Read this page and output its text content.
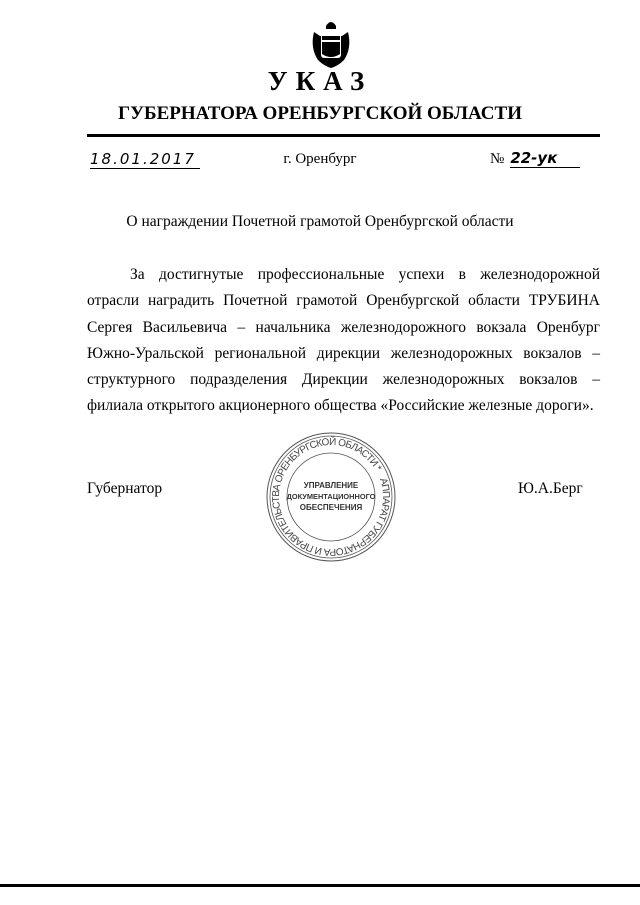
УКАЗ
ГУБЕРНАТОРА ОРЕНБУРГСКОЙ ОБЛАСТИ
18.01.2017	г. Оренбург	№ 22-ук
О награждении Почетной грамотой Оренбургской области
За достигнутые профессиональные успехи в железнодорожной отрасли наградить Почетной грамотой Оренбургской области ТРУБИНА Сергея Васильевича – начальника железнодорожного вокзала Оренбург Южно-Уральской региональной дирекции железнодорожных вокзалов – структурного подразделения Дирекции железнодорожных вокзалов – филиала открытого акционерного общества «Российские железные дороги».
Губернатор	Ю.А.Берг
АППАРАТ ГУБЕРНАТОРА И ПРАВИТЕЛЬСТВА ОРЕНБУРГСКОЙ ОБЛАСТИ *
УПРАВЛЕНИЕ
ДОКУМЕНТАЦИОННОГО
ОБЕСПЕЧЕНИЯ
